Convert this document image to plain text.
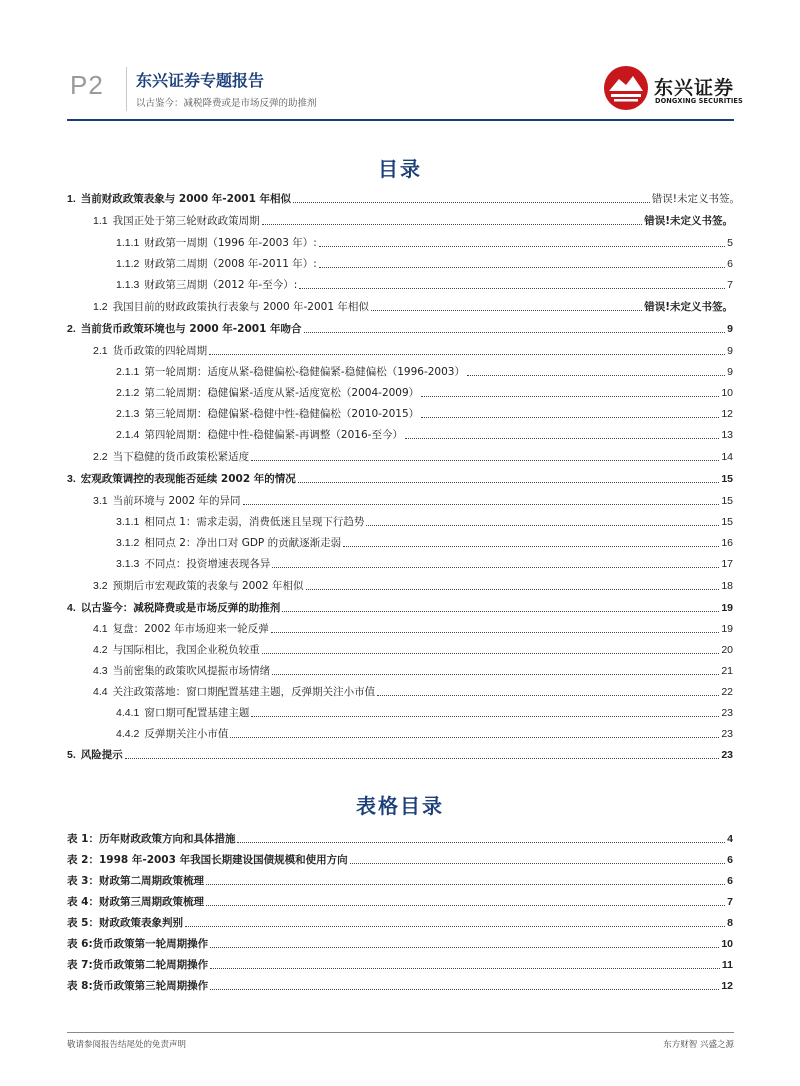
P2 东兴证券专题报告
以古鉴今：减税降费或是市场反弹的助推剂
东兴证券
DONGXING SECURITIES
目录
1. 当前财政政策表象与 2000 年-2001 年相似	错误!未定义书签。
1.1 我国正处于第三轮财政政策周期	错误!未定义书签。
1.1.1 财政第一周期（1996 年-2003 年）:	5
1.1.2 财政第二周期（2008 年-2011 年）:	6
1.1.3 财政第三周期（2012 年-至今）:	7
1.2 我国目前的财政政策执行表象与 2000 年-2001 年相似	错误!未定义书签。
2. 当前货币政策环境也与 2000 年-2001 年吻合	9
2.1 货币政策的四轮周期	9
2.1.1 第一轮周期：适度从紧-稳健偏松-稳健偏紧-稳健偏松（1996-2003）	9
2.1.2 第二轮周期：稳健偏紧-适度从紧-适度宽松（2004-2009）	10
2.1.3 第三轮周期：稳健偏紧-稳健中性-稳健偏松（2010-2015）	12
2.1.4 第四轮周期：稳健中性-稳健偏紧-再调整（2016-至今）	13
2.2 当下稳健的货币政策松紧适度	14
3. 宏观政策调控的表现能否延续 2002 年的情况	15
3.1 当前环境与 2002 年的异同	15
3.1.1 相同点 1：需求走弱，消费低迷且呈现下行趋势	15
3.1.2 相同点 2：净出口对 GDP 的贡献逐渐走弱	16
3.1.3 不同点：投资增速表现各异	17
3.2 预期后市宏观政策的表象与 2002 年相似	18
4. 以古鉴今：减税降费或是市场反弹的助推剂	19
4.1 复盘：2002 年市场迎来一轮反弹	19
4.2 与国际相比，我国企业税负较重	20
4.3 当前密集的政策吹风提振市场情绪	21
4.4 关注政策落地：窗口期配置基建主题，反弹期关注小市值	22
4.4.1 窗口期可配置基建主题	23
4.4.2 反弹期关注小市值	23
5. 风险提示	23
表格目录
表 1：历年财政政策方向和具体措施	4
表 2：1998 年-2003 年我国长期建设国债规模和使用方向	6
表 3：财政第二周期政策梳理	6
表 4：财政第三周期政策梳理	7
表 5：财政政策表象判别	8
表 6:货币政策第一轮周期操作	10
表 7:货币政策第二轮周期操作	11
表 8:货币政策第三轮周期操作	12
敬请参阅报告结尾处的免责声明	东方财智 兴盛之源
